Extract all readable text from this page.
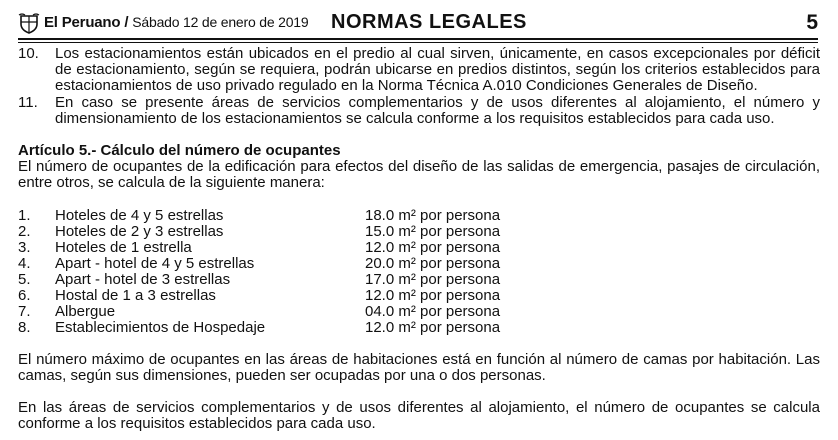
El Peruano / Sábado 12 de enero de 2019 NORMAS LEGALES	5
10.	Los estacionamientos están ubicados en el predio al cual sirven, únicamente, en casos excepcionales por déficit de estacionamiento, según se requiera, podrán ubicarse en predios distintos, según los criterios establecidos para estacionamientos de uso privado regulado en la Norma Técnica A.010 Condiciones Generales de Diseño.
11.	En caso se presente áreas de servicios complementarios y de usos diferentes al alojamiento, el número y dimensionamiento de los estacionamientos se calcula conforme a los requisitos establecidos para cada uso.
Artículo 5.- Cálculo del número de ocupantes

El número de ocupantes de la edificación para efectos del diseño de las salidas de emergencia, pasajes de circulación, entre otros, se calcula de la siguiente manera:

1.	Hoteles de 4 y 5 estrellas	18.0 m² por persona
2.	Hoteles de 2 y 3 estrellas	15.0 m² por persona
3.	Hoteles de 1 estrella	12.0 m² por persona
4.	Apart - hotel de 4 y 5 estrellas	20.0 m² por persona
5.	Apart - hotel de 3 estrellas	17.0 m² por persona
6.	Hostal de 1 a 3 estrellas	12.0 m² por persona
7.	Albergue	04.0 m² por persona
8.	Establecimientos de Hospedaje	12.0 m² por persona

El número máximo de ocupantes en las áreas de habitaciones está en función al número de camas por habitación. Las camas, según sus dimensiones, pueden ser ocupadas por una o dos personas.

En las áreas de servicios complementarios y de usos diferentes al alojamiento, el número de ocupantes se calcula conforme a los requisitos establecidos para cada uso.
